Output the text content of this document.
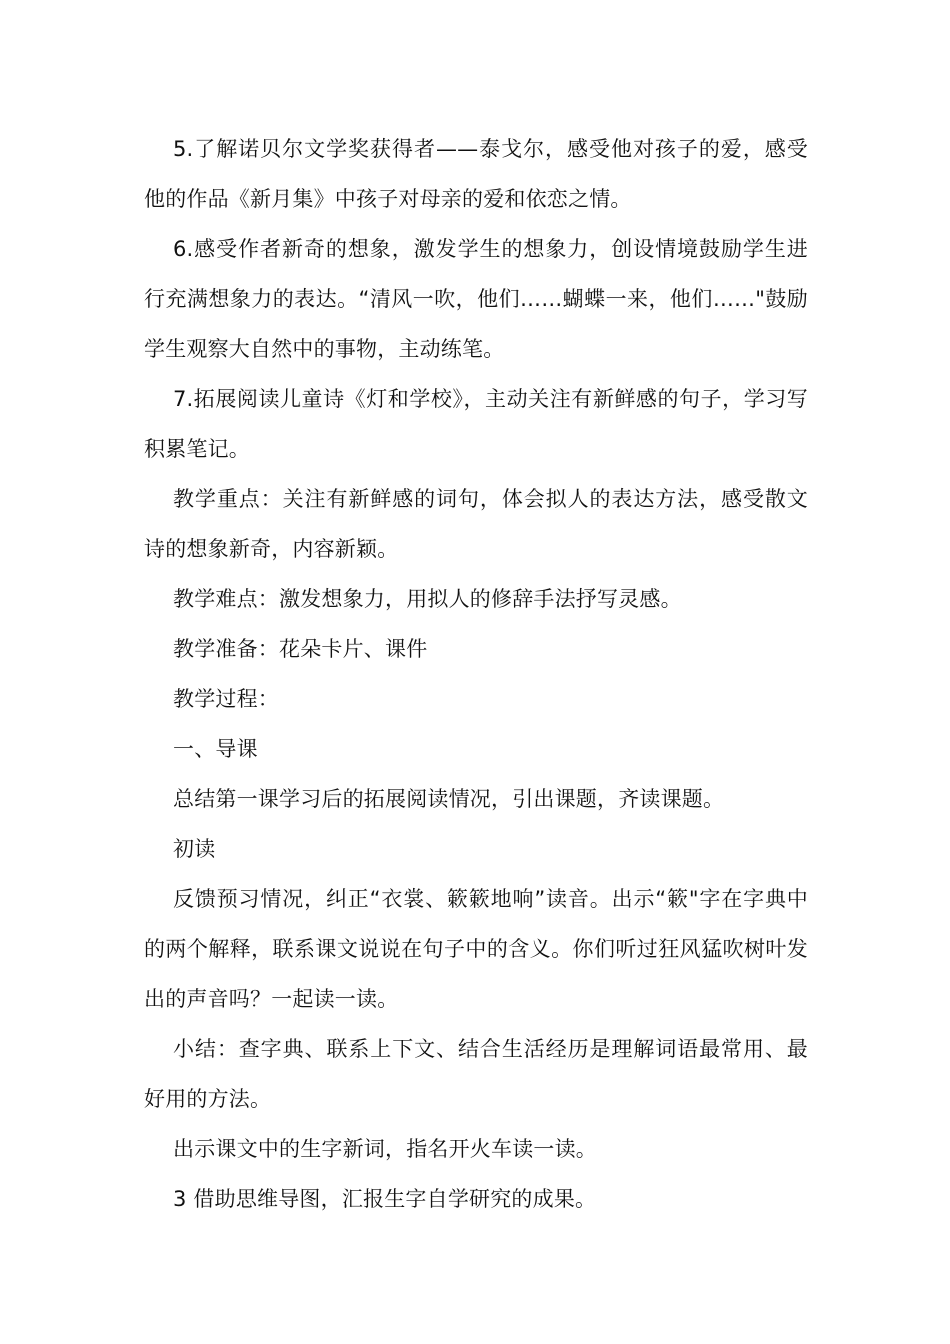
5.了解诺贝尔文学奖获得者——泰戈尔，感受他对孩子的爱，感受他的作品《新月集》中孩子对母亲的爱和依恋之情。

6.感受作者新奇的想象，激发学生的想象力，创设情境鼓励学生进行充满想象力的表达。“清风一吹，他们……蝴蝶一来，他们……"鼓励学生观察大自然中的事物，主动练笔。

7.拓展阅读儿童诗《灯和学校》，主动关注有新鲜感的句子，学习写积累笔记。

教学重点：关注有新鲜感的词句，体会拟人的表达方法，感受散文诗的想象新奇，内容新颖。

教学难点：激发想象力，用拟人的修辞手法抒写灵感。

教学准备：花朵卡片、课件

教学过程：

一、导课

总结第一课学习后的拓展阅读情况，引出课题，齐读课题。

初读

反馈预习情况，纠正“衣裳、簌簌地响”读音。出示“簌"字在字典中的两个解释，联系课文说说在句子中的含义。你们听过狂风猛吹树叶发出的声音吗？一起读一读。

小结：查字典、联系上下文、结合生活经历是理解词语最常用、最好用的方法。

出示课文中的生字新词，指名开火车读一读。

3 借助思维导图，汇报生字自学研究的成果。
